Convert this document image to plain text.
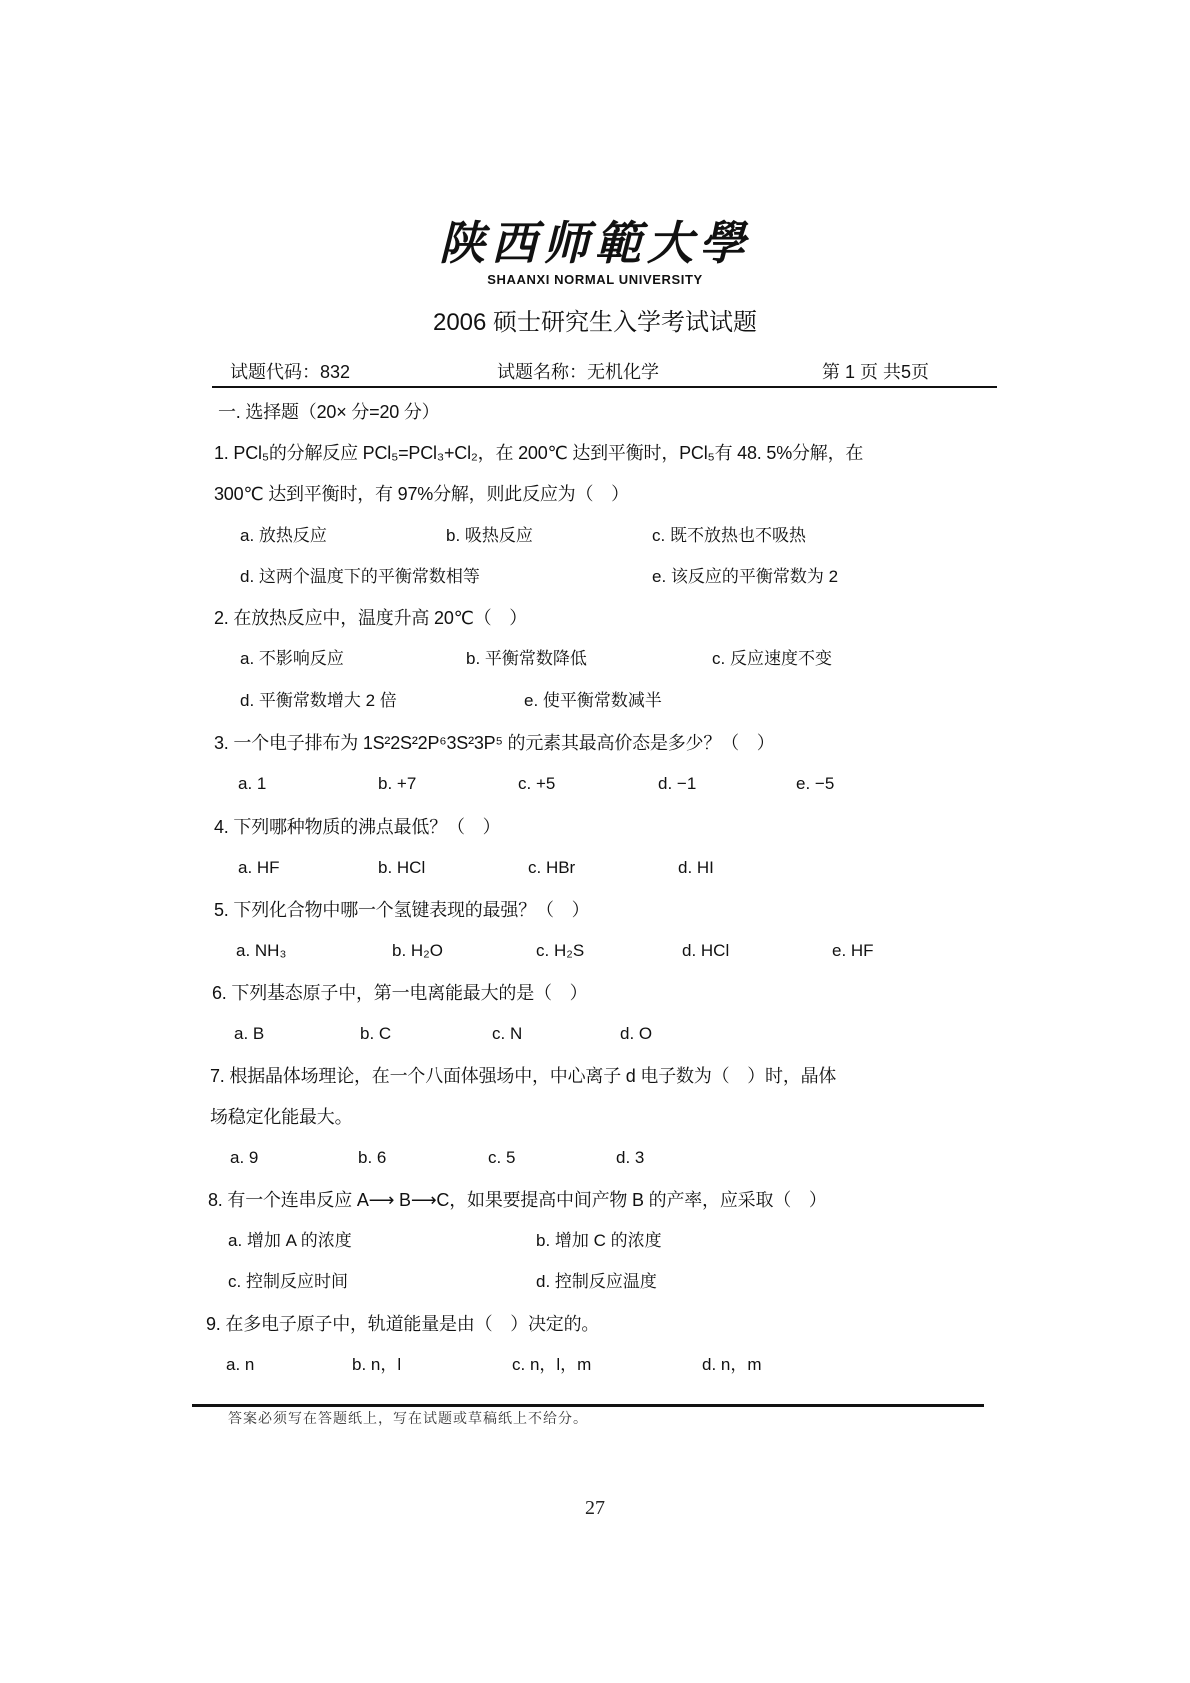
陕西师範大學
SHAANXI NORMAL UNIVERSITY
2006 硕士研究生入学考试试题
试题代码：832	试题名称：无机化学	第 1 页 共5页
一. 选择题（20× 分=20 分）
1. PCl₅的分解反应 PCl₅=PCl₃+Cl₂，在 200℃ 达到平衡时，PCl₅有 48. 5%分解，在
300℃ 达到平衡时，有 97%分解，则此反应为（　）
a. 放热反应	b. 吸热反应	c. 既不放热也不吸热
d. 这两个温度下的平衡常数相等	e. 该反应的平衡常数为 2
2. 在放热反应中，温度升高 20℃（　）
a. 不影响反应	b. 平衡常数降低	c. 反应速度不变
d. 平衡常数增大 2 倍	e. 使平衡常数减半
3. 一个电子排布为 1S²2S²2P⁶3S²3P⁵ 的元素其最高价态是多少？（　）
a. 1	b. +7	c. +5	d. −1	e. −5
4. 下列哪种物质的沸点最低？（　）
a. HF	b. HCl	c. HBr	d. HI
5. 下列化合物中哪一个氢键表现的最强？（　）
a. NH₃	b. H₂O	c. H₂S	d. HCl	e. HF
6. 下列基态原子中，第一电离能最大的是（　）
a. B	b. C	c. N	d. O
7. 根据晶体场理论，在一个八面体强场中，中心离子 d 电子数为（　）时，晶体
场稳定化能最大。
a. 9	b. 6	c. 5	d. 3
8. 有一个连串反应 A⟶ B⟶C，如果要提高中间产物 B 的产率，应采取（　）
a. 增加 A 的浓度	b. 增加 C 的浓度
c. 控制反应时间	d. 控制反应温度
9. 在多电子原子中，轨道能量是由（　）决定的。
a. n	b. n，l	c. n，l，m	d. n，m
答案必须写在答题纸上，写在试题或草稿纸上不给分。
27
